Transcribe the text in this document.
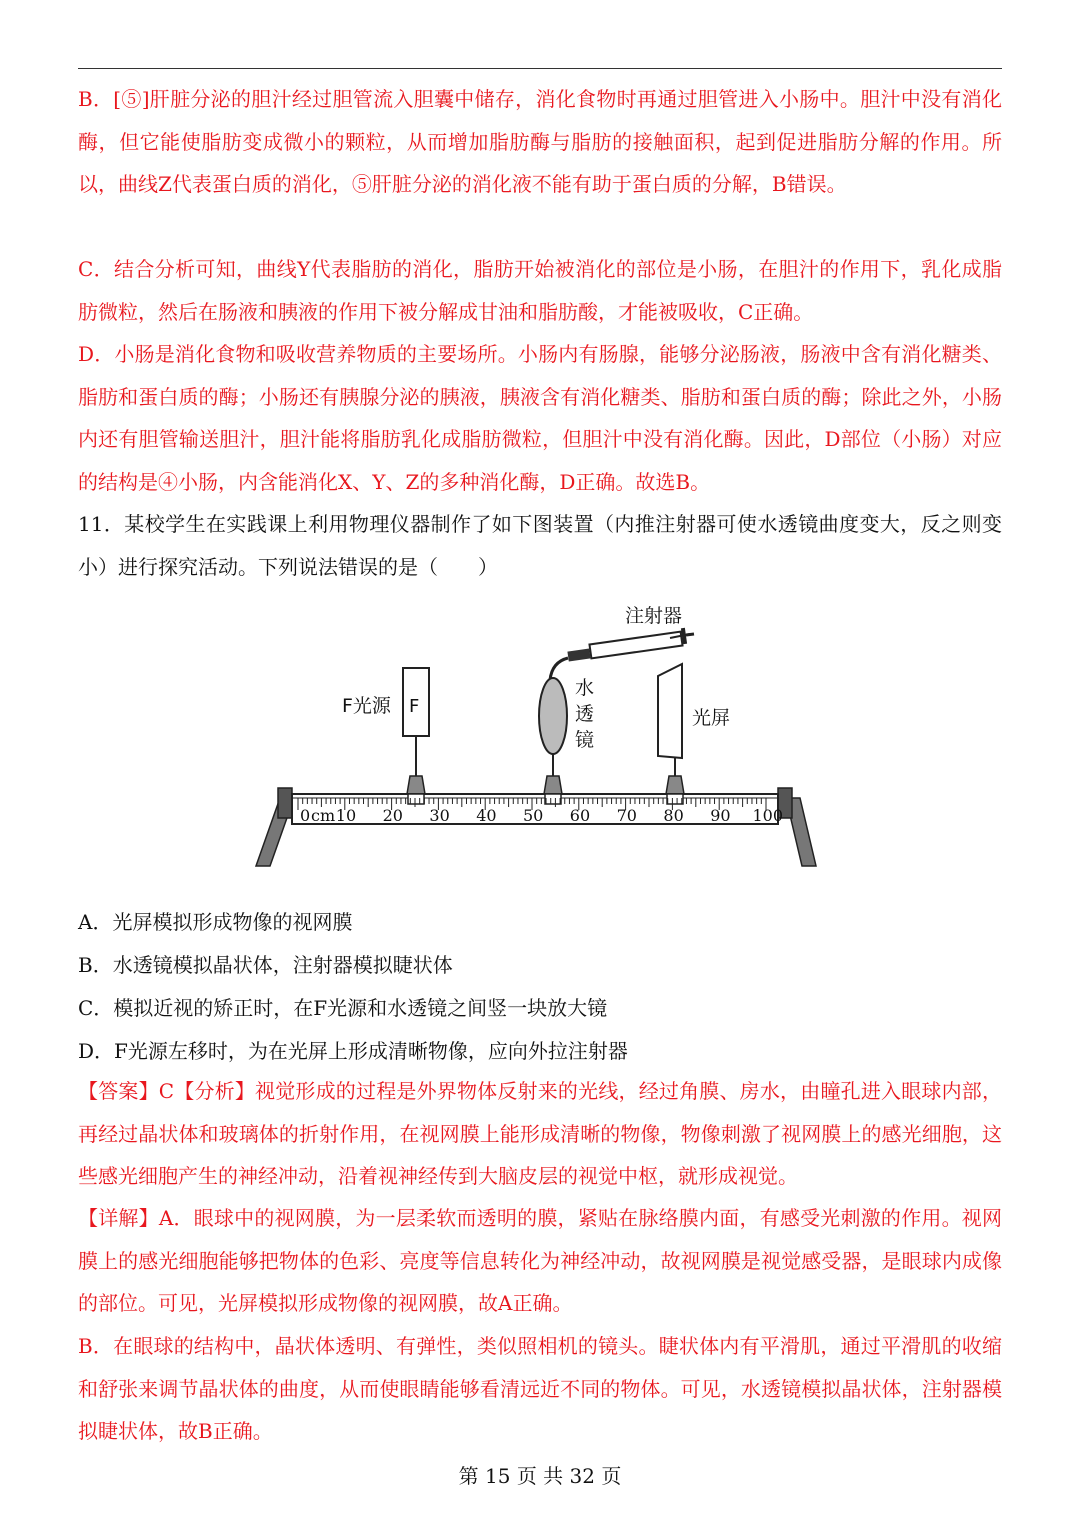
B．[⑤]肝脏分泌的胆汁经过胆管流入胆囊中储存，消化食物时再通过胆管进入小肠中。胆汁中没有消化酶，但它能使脂肪变成微小的颗粒，从而增加脂肪酶与脂肪的接触面积，起到促进脂肪分解的作用。所以，曲线Z代表蛋白质的消化，⑤肝脏分泌的消化液不能有助于蛋白质的分解，B错误。

C．结合分析可知，曲线Y代表脂肪的消化，脂肪开始被消化的部位是小肠，在胆汁的作用下，乳化成脂肪微粒，然后在肠液和胰液的作用下被分解成甘油和脂肪酸，才能被吸收，C正确。

D．小肠是消化食物和吸收营养物质的主要场所。小肠内有肠腺，能够分泌肠液，肠液中含有消化糖类、脂肪和蛋白质的酶；小肠还有胰腺分泌的胰液，胰液含有消化糖类、脂肪和蛋白质的酶；除此之外，小肠内还有胆管输送胆汁，胆汁能将脂肪乳化成脂肪微粒，但胆汁中没有消化酶。因此，D部位（小肠）对应的结构是④小肠，内含能消化X、Y、Z的多种消化酶，D正确。故选B。

11．某校学生在实践课上利用物理仪器制作了如下图装置（内推注射器可使水透镜曲度变大，反之则变小）进行探究活动。下列说法错误的是（　　）

注射器
F
F光源
水
透
镜
光屏
0 10 20 30 40 50 60 70 80 90 100
cm

A．光屏模拟形成物像的视网膜

B．水透镜模拟晶状体，注射器模拟睫状体

C．模拟近视的矫正时，在F光源和水透镜之间竖一块放大镜

D．F光源左移时，为在光屏上形成清晰物像，应向外拉注射器

【答案】C【分析】视觉形成的过程是外界物体反射来的光线，经过角膜、房水，由瞳孔进入眼球内部，再经过晶状体和玻璃体的折射作用，在视网膜上能形成清晰的物像，物像刺激了视网膜上的感光细胞，这些感光细胞产生的神经冲动，沿着视神经传到大脑皮层的视觉中枢，就形成视觉。

【详解】A．眼球中的视网膜，为一层柔软而透明的膜，紧贴在脉络膜内面，有感受光刺激的作用。视网膜上的感光细胞能够把物体的色彩、亮度等信息转化为神经冲动，故视网膜是视觉感受器，是眼球内成像的部位。可见，光屏模拟形成物像的视网膜，故A正确。

B．在眼球的结构中，晶状体透明、有弹性，类似照相机的镜头。睫状体内有平滑肌，通过平滑肌的收缩和舒张来调节晶状体的曲度，从而使眼睛能够看清远近不同的物体。可见，水透镜模拟晶状体，注射器模拟睫状体，故B正确。

第 15 页 共 32 页
